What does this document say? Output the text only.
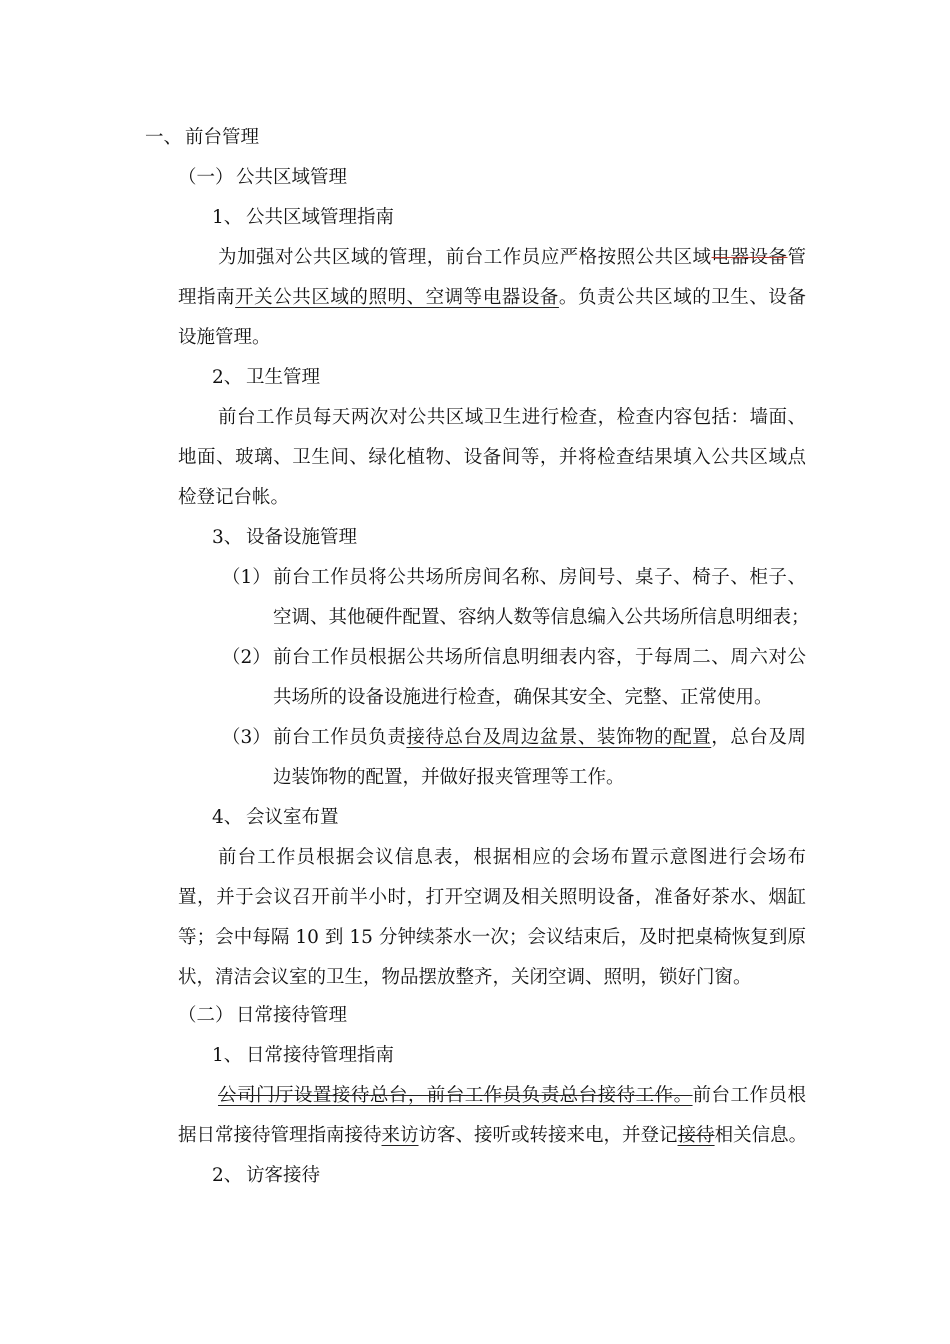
一、 前台管理
（一） 公共区域管理
1、 公共区域管理指南
为加强对公共区域的管理，前台工作员应严格按照公共区域电器设备管
理指南开关公共区域的照明、空调等电器设备。负责公共区域的卫生、设备
设施管理。
2、 卫生管理
前台工作员每天两次对公共区域卫生进行检查，检查内容包括：墙面、
地面、玻璃、卫生间、绿化植物、设备间等，并将检查结果填入公共区域点
检登记台帐。
3、 设备设施管理
（1） 前台工作员将公共场所房间名称、房间号、桌子、椅子、柜子、
空调、其他硬件配置、容纳人数等信息编入公共场所信息明细表；
（2） 前台工作员根据公共场所信息明细表内容，于每周二、周六对公
共场所的设备设施进行检查，确保其安全、完整、正常使用。
（3） 前台工作员负责接待总台及周边盆景、装饰物的配置，总台及周
边装饰物的配置，并做好报夹管理等工作。
4、 会议室布置
前台工作员根据会议信息表，根据相应的会场布置示意图进行会场布
置，并于会议召开前半小时，打开空调及相关照明设备，准备好茶水、烟缸
等；会中每隔 10 到 15 分钟续茶水一次；会议结束后，及时把桌椅恢复到原
状，清洁会议室的卫生，物品摆放整齐，关闭空调、照明，锁好门窗。
（二） 日常接待管理
1、 日常接待管理指南
公司门厅设置接待总台，前台工作员负责总台接待工作。前台工作员根
据日常接待管理指南接待来访访客、接听或转接来电，并登记接待相关信息。
2、 访客接待
